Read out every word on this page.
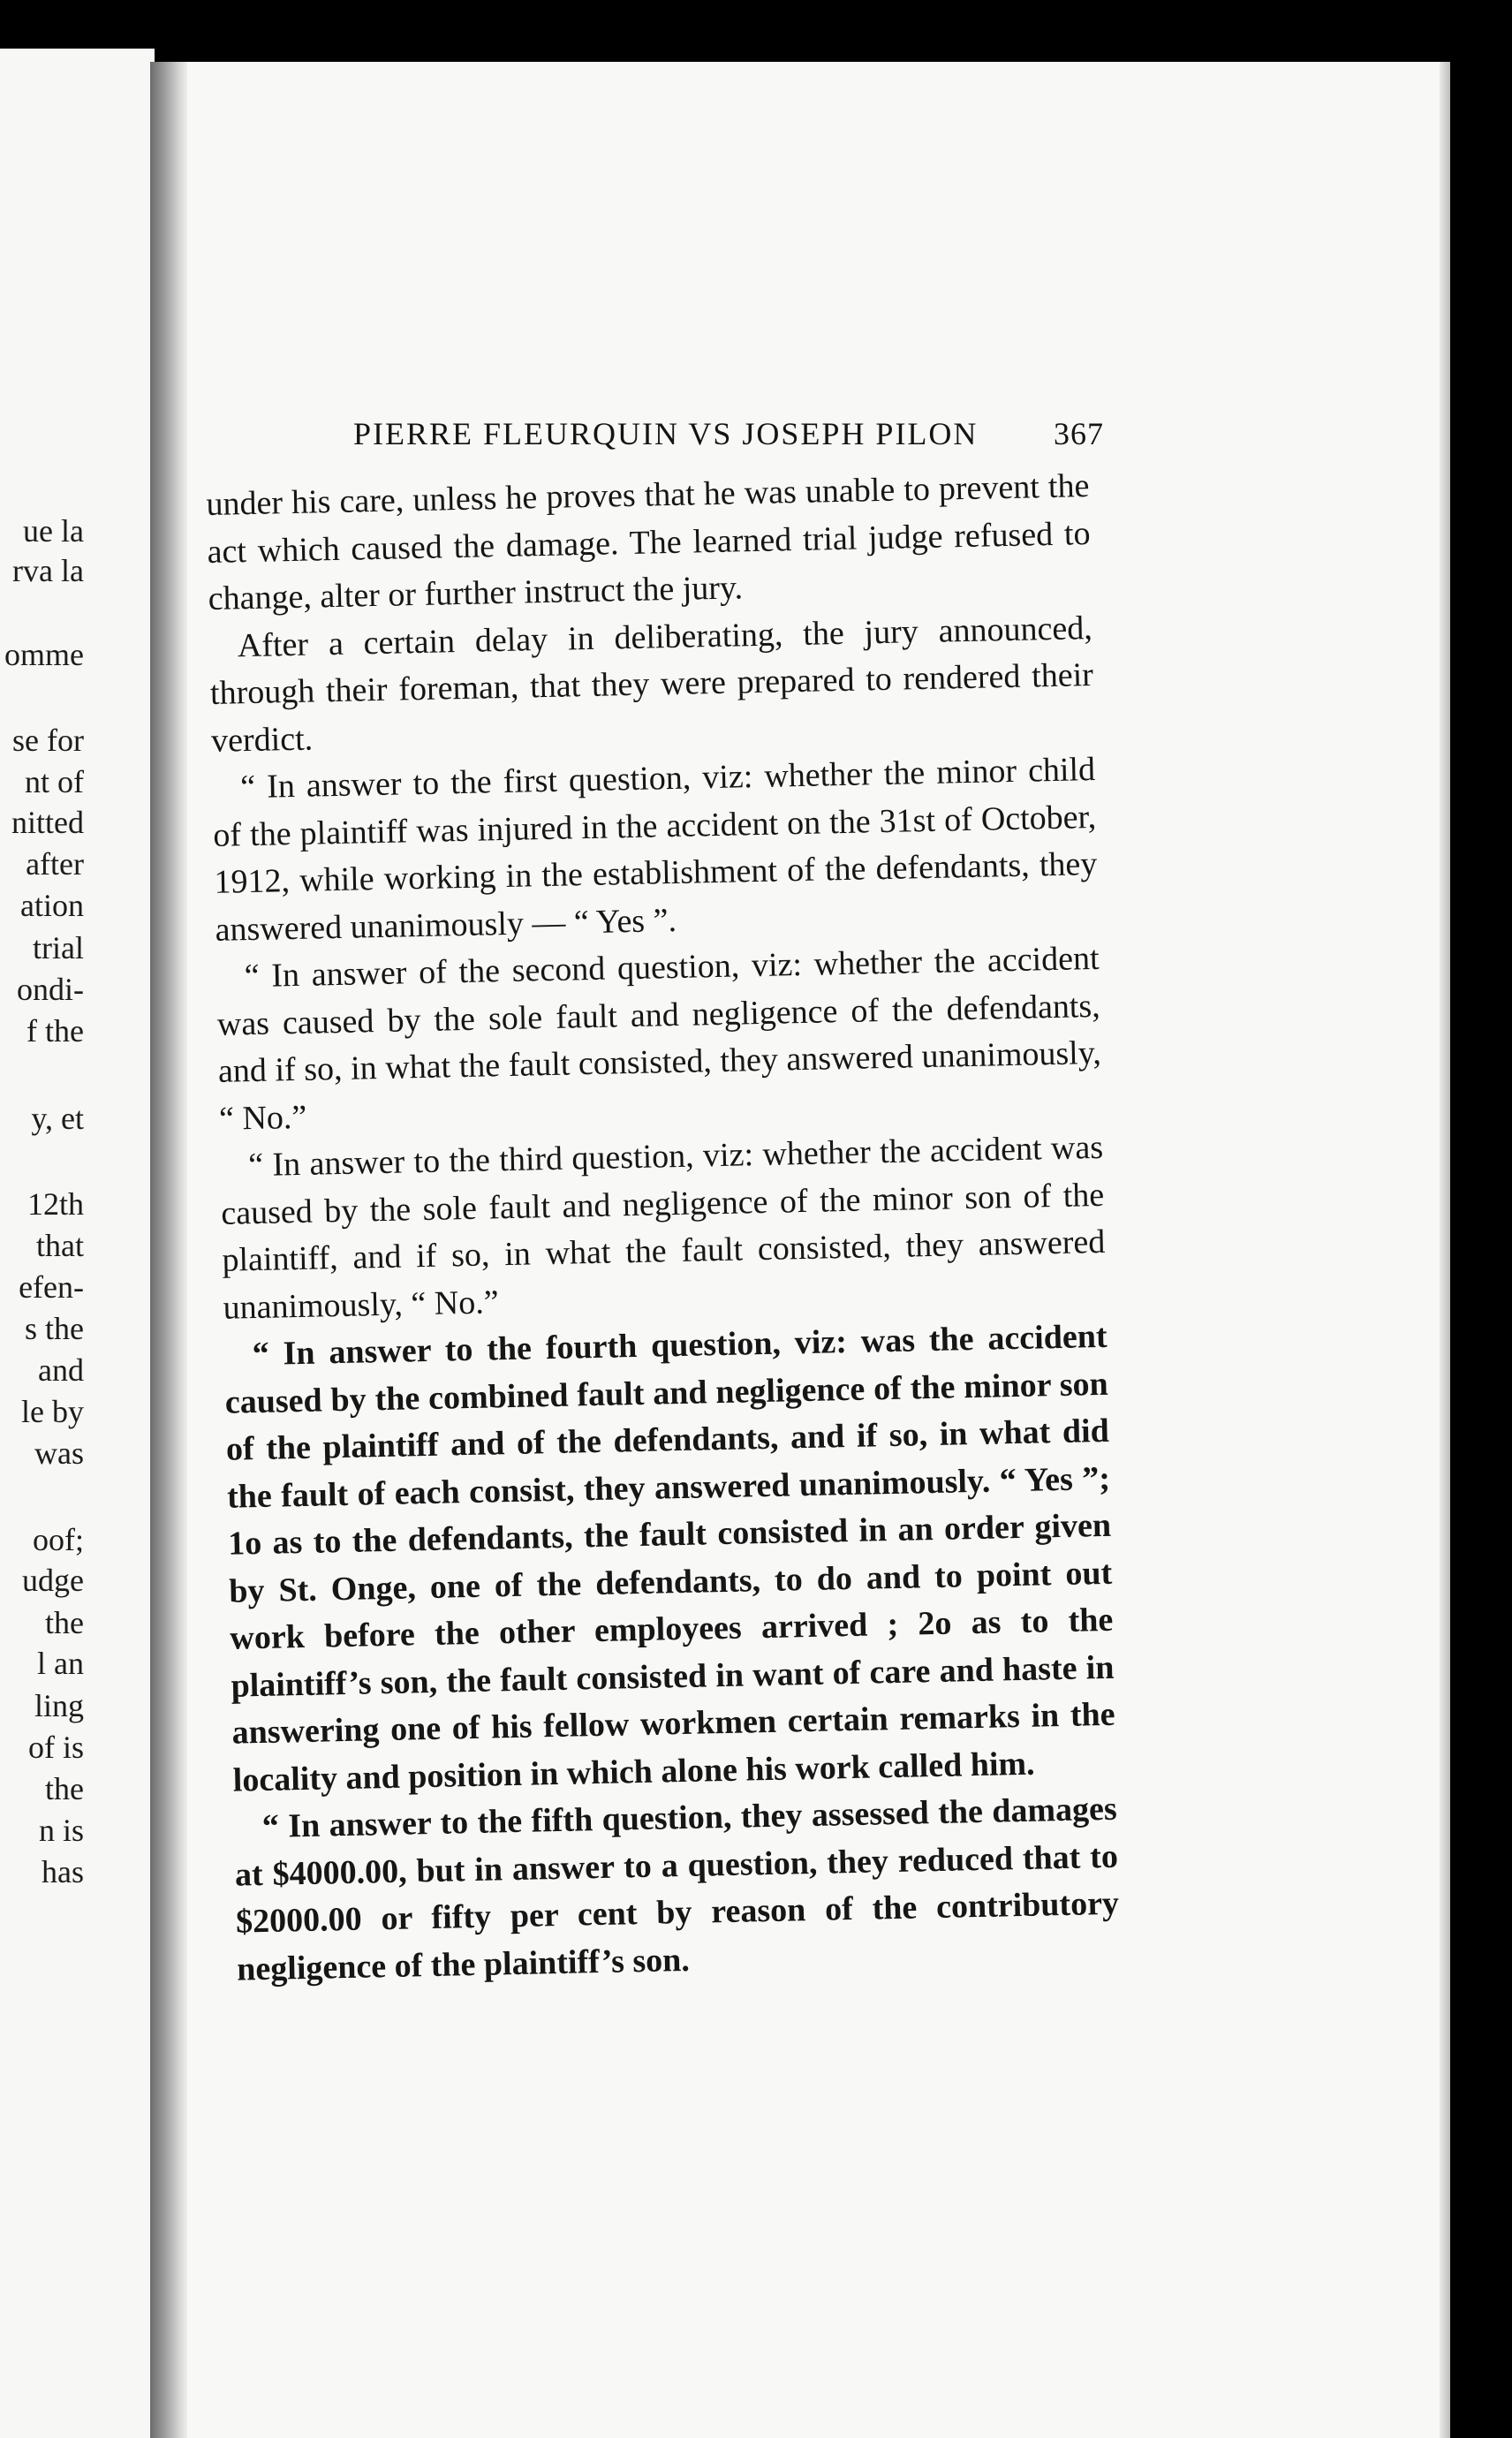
ue la
rva la
omme
se for
nt of
nitted
after
ation
trial
ondi-
f the
y, et
12th
that
efen-
s the
and
le by
was
oof;
udge
the
l an
ling
of is
the
n is
has
PIERRE FLEURQUIN VS JOSEPH PILON 367

under his care, unless he proves that he was unable to prevent the act which caused the damage. The learned trial judge refused to change, alter or further instruct the jury.

After a certain delay in deliberating, the jury announced, through their foreman, that they were prepared to rendered their verdict.

“ In answer to the first question, viz: whether the minor child of the plaintiff was injured in the accident on the 31st of October, 1912, while working in the establishment of the defendants, they answered unanimously — “ Yes ”.

“ In answer of the second question, viz: whether the accident was caused by the sole fault and negligence of the defendants, and if so, in what the fault consisted, they answered unanimously, “ No.”

“ In answer to the third question, viz: whether the accident was caused by the sole fault and negligence of the minor son of the plaintiff, and if so, in what the fault consisted, they answered unanimously, “ No.”

“ In answer to the fourth question, viz: was the accident caused by the combined fault and negligence of the minor son of the plaintiff and of the defendants, and if so, in what did the fault of each consist, they answered unanimously. “ Yes ”; 1o as to the defendants, the fault consisted in an order given by St. Onge, one of the defendants, to do and to point out work before the other employees arrived ; 2o as to the plaintiff’s son, the fault consisted in want of care and haste in answering one of his fellow workmen certain remarks in the locality and position in which alone his work called him.

“ In answer to the fifth question, they assessed the damages at $4000.00, but in answer to a question, they reduced that to $2000.00 or fifty per cent by reason of the contributory negligence of the plaintiff’s son.
